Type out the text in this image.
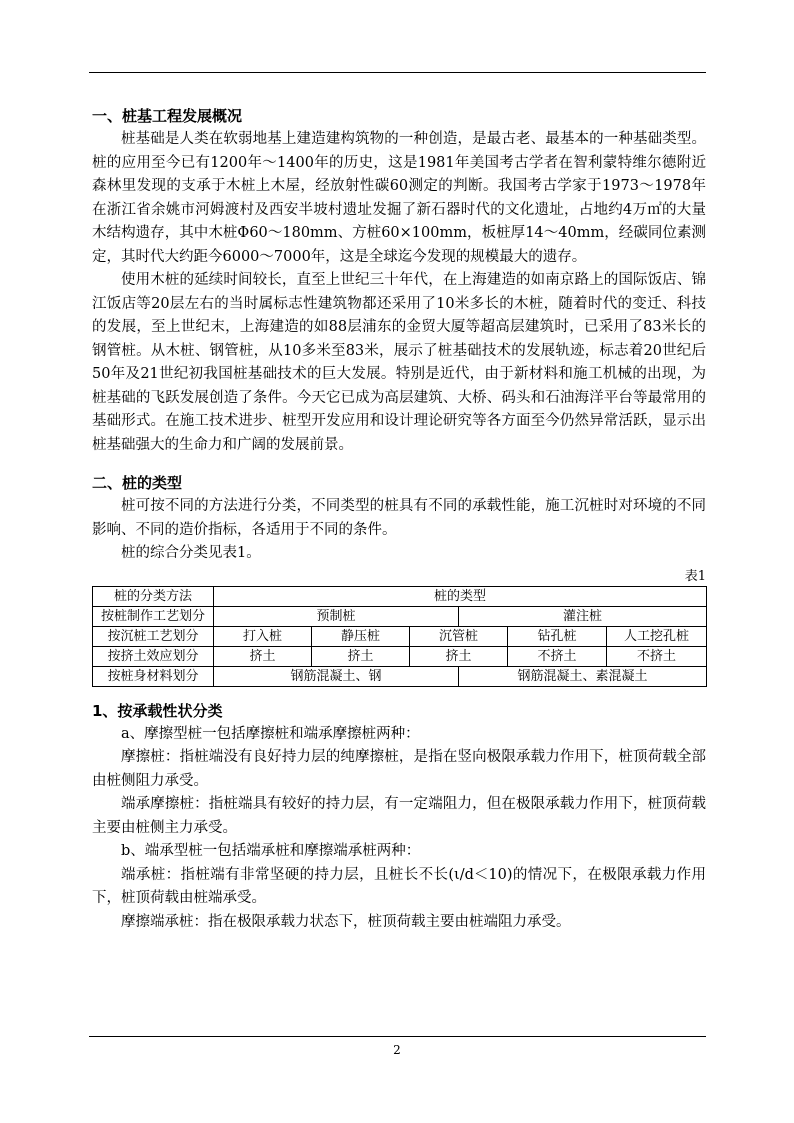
一、桩基工程发展概况

桩基础是人类在软弱地基上建造建构筑物的一种创造，是最古老、最基本的一种基础类型。桩的应用至今已有1200年～1400年的历史，这是1981年美国考古学者在智利蒙特维尔德附近森林里发现的支承于木桩上木屋，经放射性碳60测定的判断。我国考古学家于1973～1978年在浙江省余姚市河姆渡村及西安半坡村遗址发掘了新石器时代的文化遗址，占地约4万㎡的大量木结构遗存，其中木桩Φ60～180mm、方桩60×100mm，板桩厚14～40mm，经碳同位素测定，其时代大约距今6000～7000年，这是全球迄今发现的规模最大的遗存。

使用木桩的延续时间较长，直至上世纪三十年代，在上海建造的如南京路上的国际饭店、锦江饭店等20层左右的当时属标志性建筑物都还采用了10米多长的木桩，随着时代的变迁、科技的发展，至上世纪末，上海建造的如88层浦东的金贸大厦等超高层建筑时，已采用了83米长的钢管桩。从木桩、钢管桩，从10多米至83米，展示了桩基础技术的发展轨迹，标志着20世纪后50年及21世纪初我国桩基础技术的巨大发展。特别是近代，由于新材料和施工机械的出现，为桩基础的飞跃发展创造了条件。今天它已成为高层建筑、大桥、码头和石油海洋平台等最常用的基础形式。在施工技术进步、桩型开发应用和设计理论研究等各方面至今仍然异常活跃，显示出桩基础强大的生命力和广阔的发展前景。

二、桩的类型

桩可按不同的方法进行分类，不同类型的桩具有不同的承载性能，施工沉桩时对环境的不同影响、不同的造价指标，各适用于不同的条件。

桩的综合分类见表1。

表1
桩的分类方法	桩的类型					
按桩制作工艺划分	预制桩			灌注桩		
按沉桩工艺划分	打入桩	静压桩	沉管桩		钻孔桩	人工挖孔桩
按挤土效应划分	挤土	挤土	挤土		不挤土	不挤土
按桩身材料划分	钢筋混凝土、钢			钢筋混凝土、素混凝土		
1、按承载性状分类

a、摩擦型桩一包括摩擦桩和端承摩擦桩两种：

摩擦桩：指桩端没有良好持力层的纯摩擦桩，是指在竖向极限承载力作用下，桩顶荷载全部由桩侧阻力承受。

端承摩擦桩：指桩端具有较好的持力层，有一定端阻力，但在极限承载力作用下，桩顶荷载主要由桩侧主力承受。

b、端承型桩一包括端承桩和摩擦端承桩两种：

端承桩：指桩端有非常坚硬的持力层，且桩长不长(ι/d＜10)的情况下，在极限承载力作用下，桩顶荷载由桩端承受。

摩擦端承桩：指在极限承载力状态下，桩顶荷载主要由桩端阻力承受。

2
